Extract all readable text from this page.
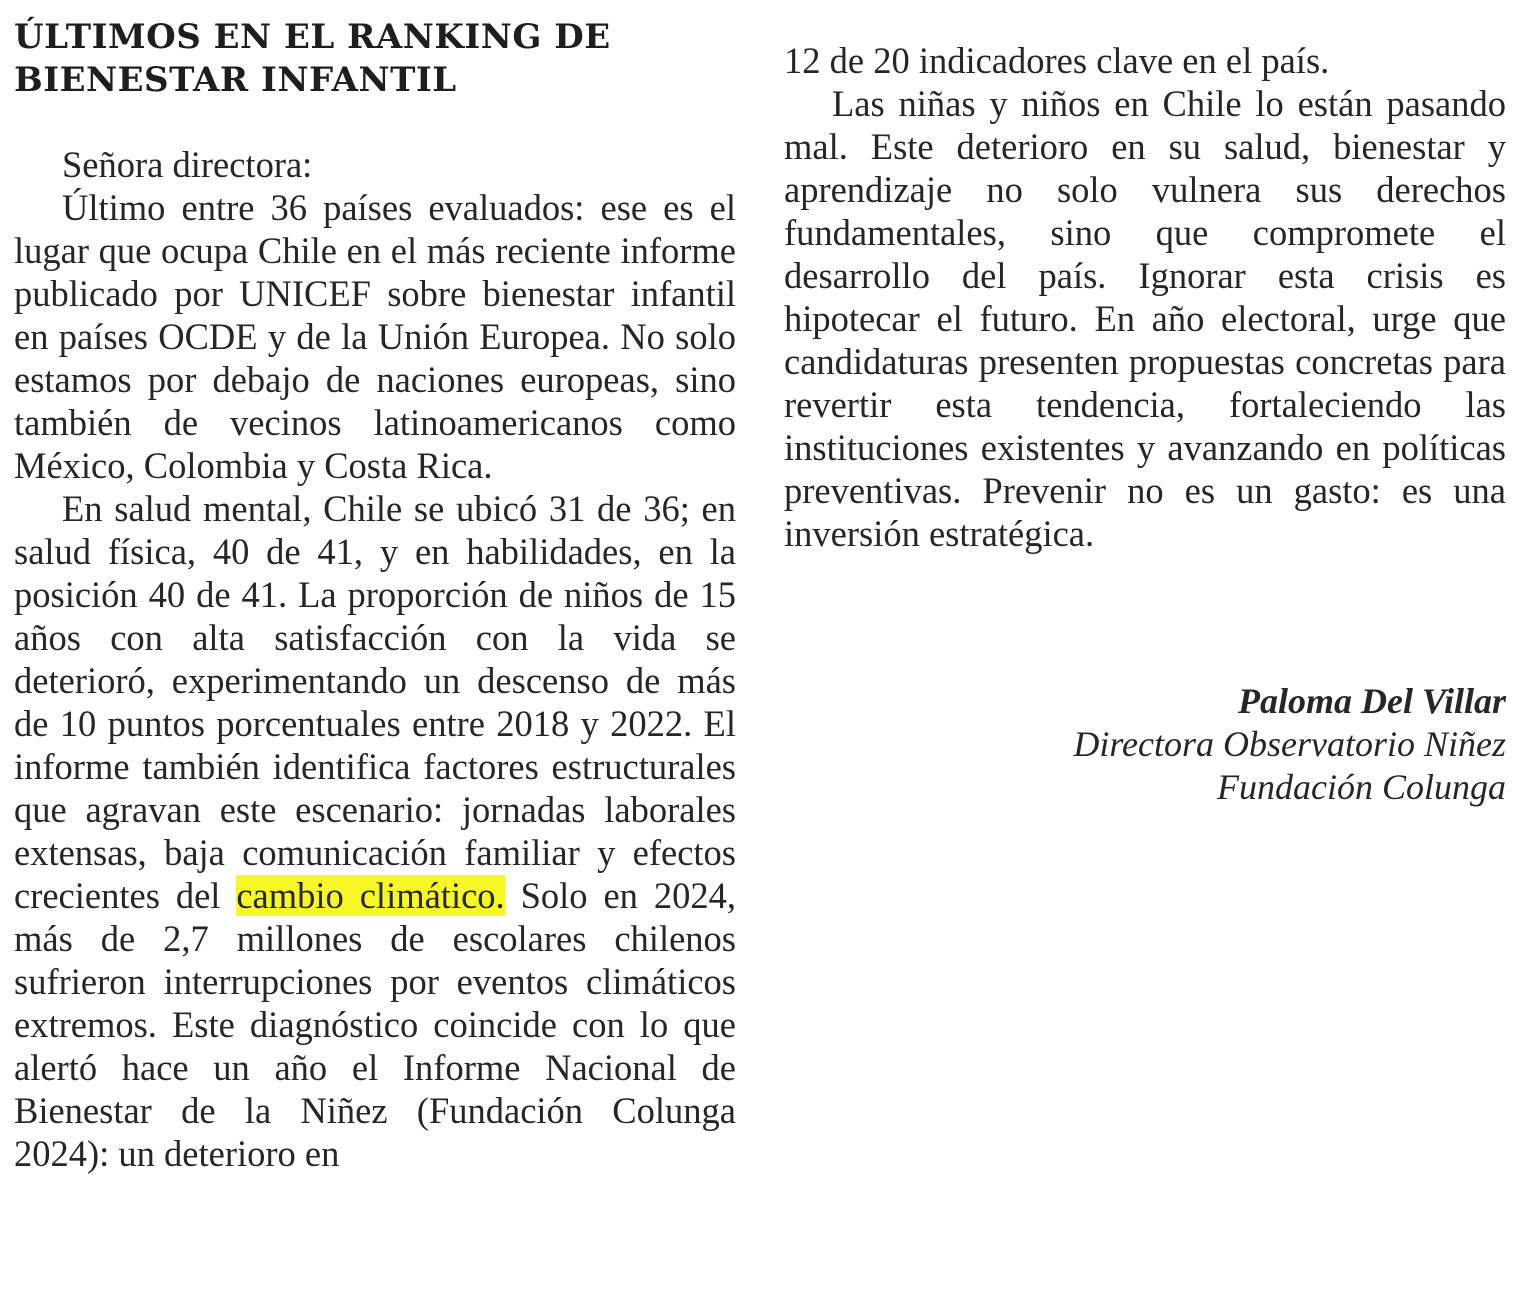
ÚLTIMOS EN EL RANKING DE BIENESTAR INFANTIL

Señora directora:

Último entre 36 países evaluados: ese es el lugar que ocupa Chile en el más reciente informe publicado por UNICEF sobre bienestar infantil en países OCDE y de la Unión Europea. No solo estamos por debajo de naciones europeas, sino también de vecinos latinoamericanos como México, Colombia y Costa Rica.

En salud mental, Chile se ubicó 31 de 36; en salud física, 40 de 41, y en habilidades, en la posición 40 de 41. La proporción de niños de 15 años con alta satisfacción con la vida se deterioró, experimentando un descenso de más de 10 puntos porcentuales entre 2018 y 2022. El informe también identifica factores estructurales que agravan este escenario: jornadas laborales extensas, baja comunicación familiar y efectos crecientes del cambio climático. Solo en 2024, más de 2,7 millones de escolares chilenos sufrieron interrupciones por eventos climáticos extremos. Este diagnóstico coincide con lo que alertó hace un año el Informe Nacional de Bienestar de la Niñez (Fundación Colunga 2024): un deterioro en

12 de 20 indicadores clave en el país.

Las niñas y niños en Chile lo están pasando mal. Este deterioro en su salud, bienestar y aprendizaje no solo vulnera sus derechos fundamentales, sino que compromete el desarrollo del país. Ignorar esta crisis es hipotecar el futuro. En año electoral, urge que candidaturas presenten propuestas concretas para revertir esta tendencia, fortaleciendo las instituciones existentes y avanzando en políticas preventivas. Prevenir no es un gasto: es una inversión estratégica.

Paloma Del Villar
Directora Observatorio Niñez
Fundación Colunga
